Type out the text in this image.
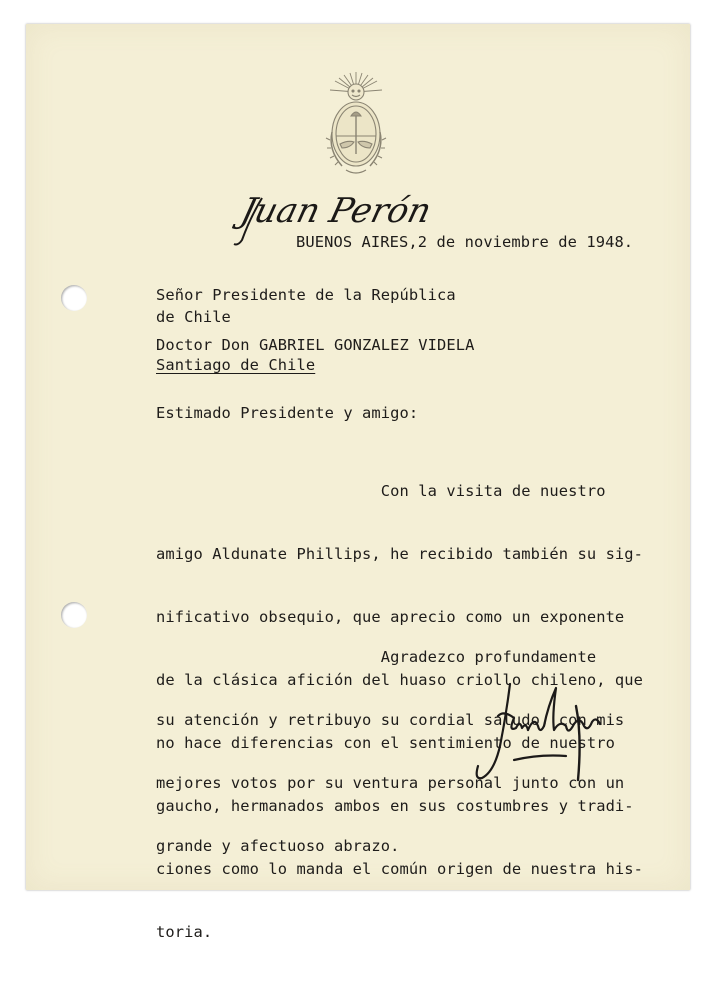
Juan Perón
BUENOS AIRES,2 de noviembre de 1948.
Señor Presidente de la República
de Chile
Doctor Don GABRIEL GONZALEZ VIDELA
Santiago de Chile
Estimado Presidente y amigo:

Con la visita de nuestro

amigo Aldunate Phillips, he recibido también su sig-

nificativo obsequio, que aprecio como un exponente

de la clásica afición del huaso criollo chileno, que

no hace diferencias con el sentimiento de nuestro

gaucho, hermanados ambos en sus costumbres y tradi-

ciones como lo manda el común origen de nuestra his-

toria.

Agradezco profundamente

su atención y retribuyo su cordial saludo, con mis

mejores votos por su ventura personal junto con un

grande y afectuoso abrazo.
